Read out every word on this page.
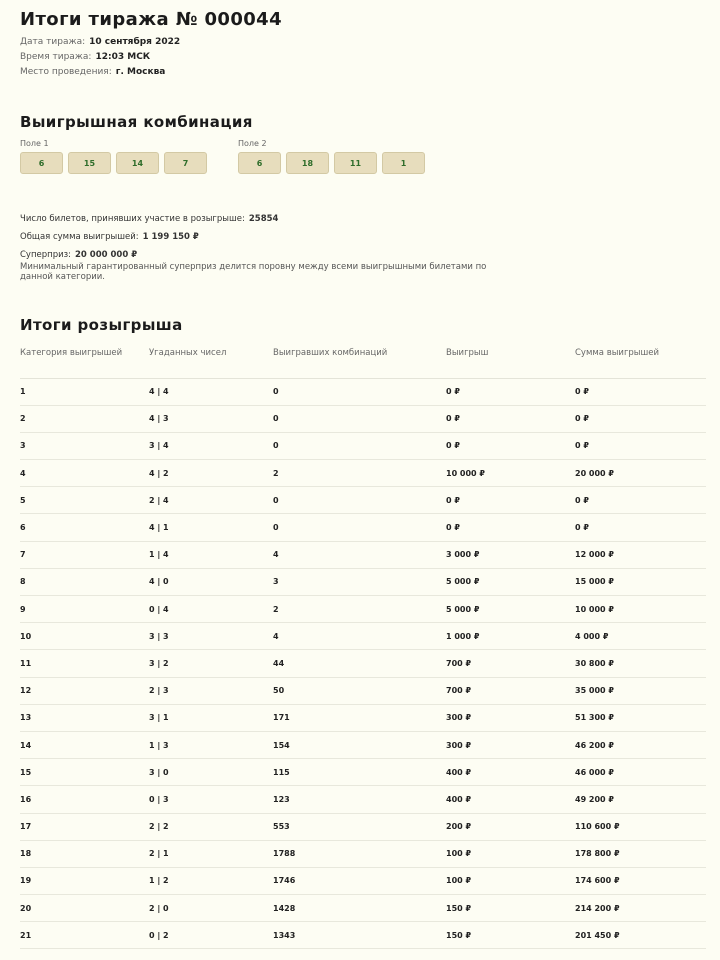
Итоги тиража № 000044
Дата тиража: 10 сентября 2022
Время тиража: 12:03 МСК
Место проведения: г. Москва
Выигрышная комбинация
Поле 1
6	15	14	7
Поле 2
6	18	11	1
Число билетов, принявших участие в розыгрыше: 25854
Общая сумма выигрышей: 1 199 150 ₽
Суперприз: 20 000 000 ₽

Минимальный гарантированный суперприз делится поровну между всеми выигрышными билетами по данной категории.

Итоги розыгрыша
Категория выигрышей	Угаданных чисел	Выигравших комбинаций	Выигрыш	Сумма выигрышей
1	4 | 4	0	0 ₽	0 ₽
2	4 | 3	0	0 ₽	0 ₽
3	3 | 4	0	0 ₽	0 ₽
4	4 | 2	2	10 000 ₽	20 000 ₽
5	2 | 4	0	0 ₽	0 ₽
6	4 | 1	0	0 ₽	0 ₽
7	1 | 4	4	3 000 ₽	12 000 ₽
8	4 | 0	3	5 000 ₽	15 000 ₽
9	0 | 4	2	5 000 ₽	10 000 ₽
10	3 | 3	4	1 000 ₽	4 000 ₽
11	3 | 2	44	700 ₽	30 800 ₽
12	2 | 3	50	700 ₽	35 000 ₽
13	3 | 1	171	300 ₽	51 300 ₽
14	1 | 3	154	300 ₽	46 200 ₽
15	3 | 0	115	400 ₽	46 000 ₽
16	0 | 3	123	400 ₽	49 200 ₽
17	2 | 2	553	200 ₽	110 600 ₽
18	2 | 1	1788	100 ₽	178 800 ₽
19	1 | 2	1746	100 ₽	174 600 ₽
20	2 | 0	1428	150 ₽	214 200 ₽
21	0 | 2	1343	150 ₽	201 450 ₽
